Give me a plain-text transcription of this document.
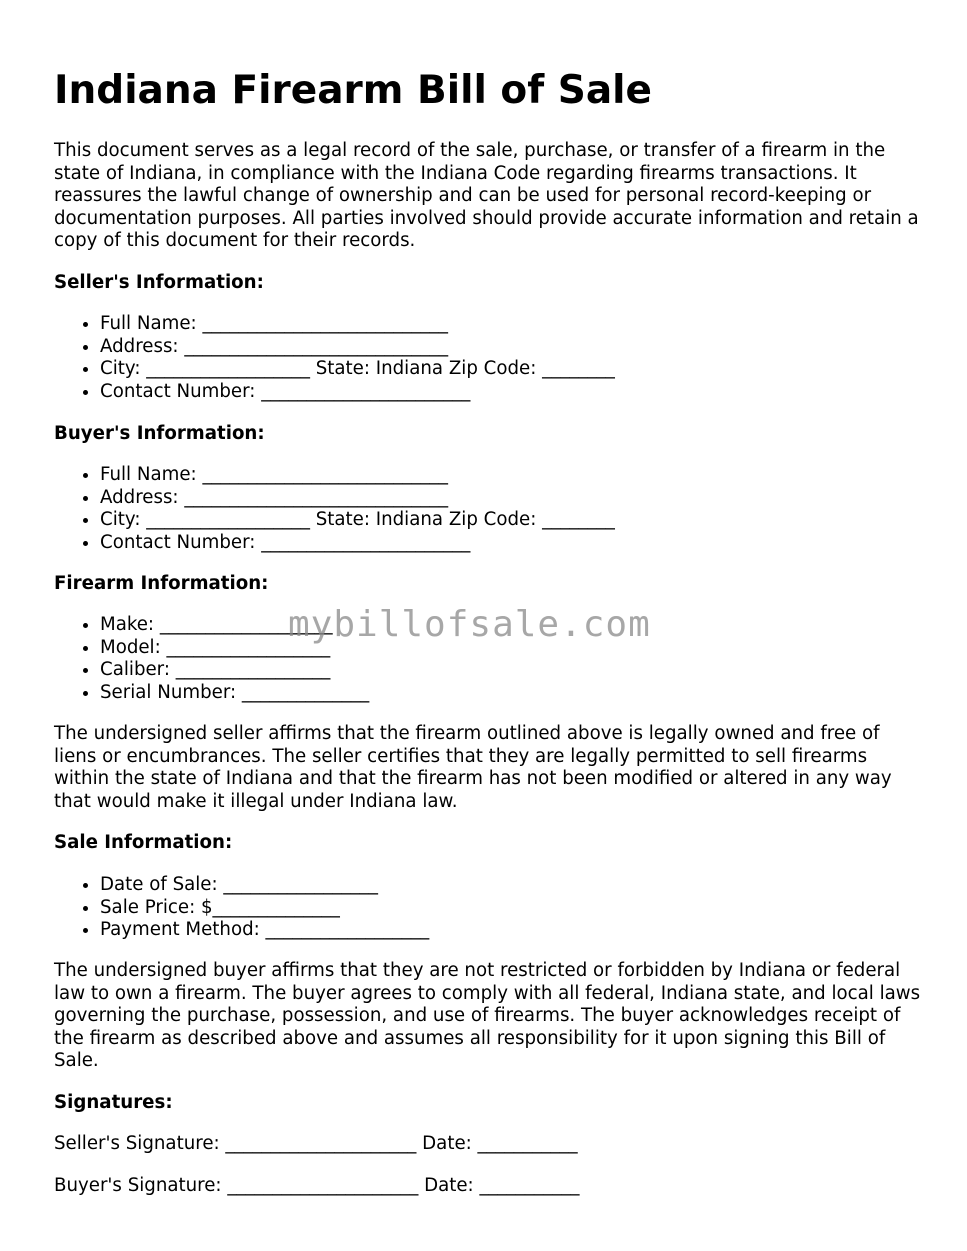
Indiana Firearm Bill of Sale

This document serves as a legal record of the sale, purchase, or transfer of a firearm in the state of Indiana, in compliance with the Indiana Code regarding firearms transactions. It reassures the lawful change of ownership and can be used for personal record-keeping or documentation purposes. All parties involved should provide accurate information and retain a copy of this document for their records.

Seller's Information:
• Full Name: ___________________________
• Address: _____________________________
• City: __________________ State: Indiana Zip Code: ________
• Contact Number: _______________________
Buyer's Information:
• Full Name: ___________________________
• Address: _____________________________
• City: __________________ State: Indiana Zip Code: ________
• Contact Number: _______________________
Firearm Information:
• Make: ___________________
• Model: __________________
• Caliber: _________________
• Serial Number: ______________

The undersigned seller affirms that the firearm outlined above is legally owned and free of liens or encumbrances. The seller certifies that they are legally permitted to sell firearms within the state of Indiana and that the firearm has not been modified or altered in any way that would make it illegal under Indiana law.

Sale Information:
• Date of Sale: _________________
• Sale Price: $______________
• Payment Method: __________________

The undersigned buyer affirms that they are not restricted or forbidden by Indiana or federal law to own a firearm. The buyer agrees to comply with all federal, Indiana state, and local laws governing the purchase, possession, and use of firearms. The buyer acknowledges receipt of the firearm as described above and assumes all responsibility for it upon signing this Bill of Sale.

Signatures:
Seller's Signature: _____________________ Date: ___________
Buyer's Signature: _____________________ Date: ___________
mybillofsale.com
